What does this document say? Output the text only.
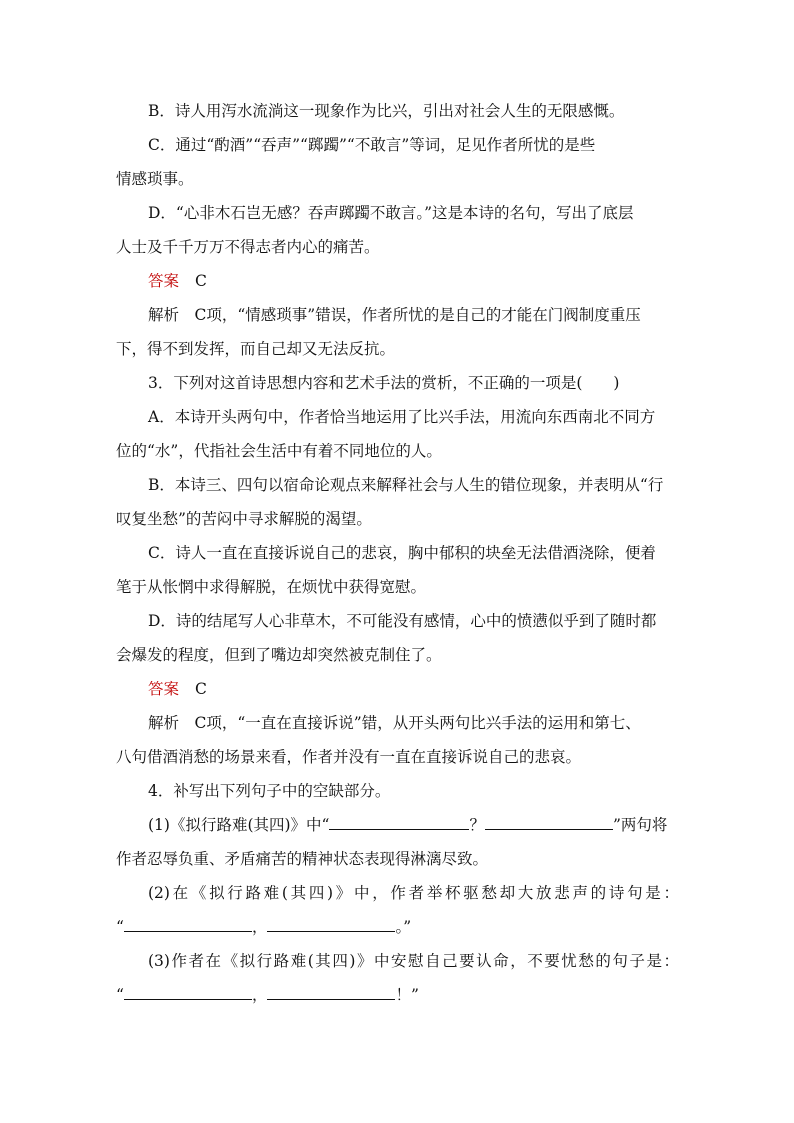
B．诗人用泻水流淌这一现象作为比兴，引出对社会人生的无限感慨。

C．通过“酌酒”“吞声”“踯躅”“不敢言”等词，足见作者所忧的是些

情感琐事。

D．“心非木石岂无感？吞声踯躅不敢言。”这是本诗的名句，写出了底层

人士及千千万万不得志者内心的痛苦。

答案 C

解析　C项，“情感琐事”错误，作者所忧的是自己的才能在门阀制度重压

下，得不到发挥，而自己却又无法反抗。

3．下列对这首诗思想内容和艺术手法的赏析，不正确的一项是(　　)

A．本诗开头两句中，作者恰当地运用了比兴手法，用流向东西南北不同方

位的“水”，代指社会生活中有着不同地位的人。

B．本诗三、四句以宿命论观点来解释社会与人生的错位现象，并表明从“行

叹复坐愁”的苦闷中寻求解脱的渴望。

C．诗人一直在直接诉说自己的悲哀，胸中郁积的块垒无法借酒浇除，便着

笔于从怅惘中求得解脱，在烦忧中获得宽慰。

D．诗的结尾写人心非草木，不可能没有感情，心中的愤懑似乎到了随时都

会爆发的程度，但到了嘴边却突然被克制住了。

答案 C

解析　C项，“一直在直接诉说”错，从开头两句比兴手法的运用和第七、

八句借酒消愁的场景来看，作者并没有一直在直接诉说自己的悲哀。

4．补写出下列句子中的空缺部分。

(1)《拟行路难(其四)》中“	？	”两句将

作者忍辱负重、矛盾痛苦的精神状态表现得淋漓尽致。

(2)在《拟行路难(其四)》中，作者举杯驱愁却大放悲声的诗句是：

“	，	。”

(3)作者在《拟行路难(其四)》中安慰自己要认命，不要忧愁的句子是：

“	，	！”
